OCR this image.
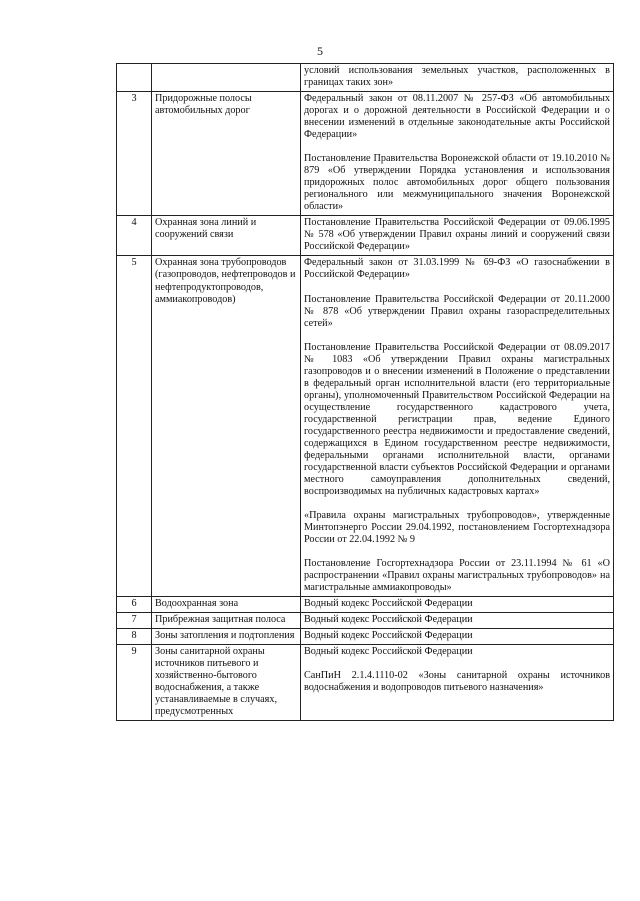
5

		условий использования земельных участков, расположенных в границах таких зон»

3	Придорожные полосы автомобильных дорог	Федеральный закон от 08.11.2007 № 257-ФЗ «Об автомобильных дорогах и о дорожной деятельности в Российской Федерации и о внесении изменений в отдельные законодательные акты Российской Федерации»
Постановление Правительства Воронежской области от 19.10.2010 № 879 «Об утверждении Порядка установления и использования придорожных полос автомобильных дорог общего пользования регионального или межмуниципального значения Воронежской области»

4	Охранная зона линий и сооружений связи	Постановление Правительства Российской Федерации от 09.06.1995 № 578 «Об утверждении Правил охраны линий и сооружений связи Российской Федерации»

5	Охранная зона трубопроводов (газопроводов, нефтепроводов и нефтепродуктопроводов, аммиакопроводов)	Федеральный закон от 31.03.1999 № 69-ФЗ «О газоснабжении в Российской Федерации»
Постановление Правительства Российской Федерации от 20.11.2000 № 878 «Об утверждении Правил охраны газораспределительных сетей»
Постановление Правительства Российской Федерации от 08.09.2017 № 1083 «Об утверждении Правил охраны магистральных газопроводов и о внесении изменений в Положение о представлении в федеральный орган исполнительной власти (его территориальные органы), уполномоченный Правительством Российской Федерации на осуществление государственного кадастрового учета, государственной регистрации прав, ведение Единого государственного реестра недвижимости и предоставление сведений, содержащихся в Едином государственном реестре недвижимости, федеральными органами исполнительной власти, органами государственной власти субъектов Российской Федерации и органами местного самоуправления дополнительных сведений, воспроизводимых на публичных кадастровых картах»
«Правила охраны магистральных трубопроводов», утвержденные Минтопэнерго России 29.04.1992, постановлением Госгортехнадзора России от 22.04.1992 № 9
Постановление Госгортехнадзора России от 23.11.1994 № 61 «О распространении «Правил охраны магистральных трубопроводов» на магистральные аммиакопроводы»

6	Водоохранная зона	Водный кодекс Российской Федерации

7	Прибрежная защитная полоса	Водный кодекс Российской Федерации

8	Зоны затопления и подтопления	Водный кодекс Российской Федерации

9	Зоны санитарной охраны источников питьевого и хозяйственно-бытового водоснабжения, а также устанавливаемые в случаях, предусмотренных	Водный кодекс Российской Федерации
СанПиН 2.1.4.1110-02 «Зоны санитарной охраны источников водоснабжения и водопроводов питьевого назначения»
